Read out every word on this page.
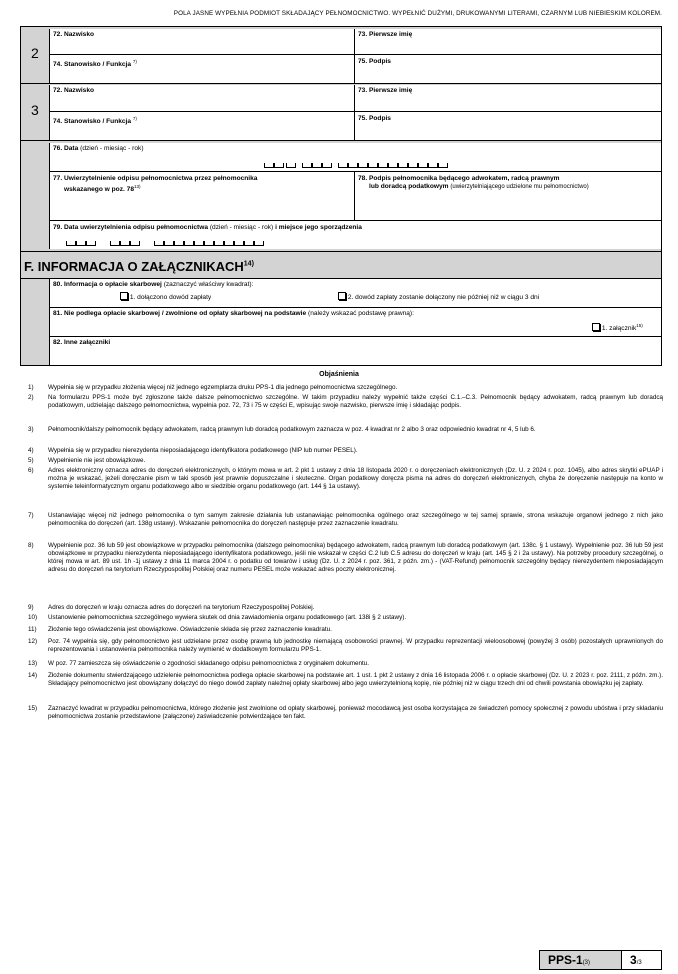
POLA JASNE WYPEŁNIA PODMIOT SKŁADAJĄCY PEŁNOMOCNICTWO. WYPEŁNIĆ DUŻYMI, DRUKOWANYMI LITERAMI, CZARNYM LUB NIEBIESKIM KOLOREM.
2
72. Nazwisko	73. Pierwsze imię
74. Stanowisko / Funkcja $^{7)}$	75. Podpis
3
72. Nazwisko	73. Pierwsze imię
74. Stanowisko / Funkcja $^{7)}$	75. Podpis
76. Data (dzień - miesiąc - rok)
77. Uwierzytelnienie odpisu pełnomocnictwa przez pełnomocnika
wskazanego w poz. 78$^{13)}$
78. Podpis pełnomocnika będącego adwokatem, radcą prawnym
lub doradcą podatkowym (uwierzytelniającego udzielone mu pełnomocnictwo)
79. Data uwierzytelnienia odpisu pełnomocnictwa (dzień - miesiąc - rok) i miejsce jego sporządzenia
F. INFORMACJA O ZAŁĄCZNIKACH$^{14)}$
80. Informacja o opłacie skarbowej (zaznaczyć właściwy kwadrat):
1. dołączono dowód zapłaty	2. dowód zapłaty zostanie dołączony nie później niż w ciągu 3 dni
81. Nie podlega opłacie skarbowej / zwolnione od opłaty skarbowej na podstawie (należy wskazać podstawę prawną):
1. załącznik$^{15)}$
82. Inne załączniki
Objaśnienia
1) Wypełnia się w przypadku złożenia więcej niż jednego egzemplarza druku PPS-1 dla jednego pełnomocnictwa szczególnego.
2) Na formularzu PPS-1 może być zgłoszone także dalsze pełnomocnictwo szczególne. W takim przypadku należy wypełnić także części C.1.–C.3. Pełnomocnik będący adwokatem, radcą prawnym lub doradcą podatkowym, udzielając dalszego pełnomocnictwa, wypełnia poz. 72, 73 i 75 w części E, wpisując swoje nazwisko, pierwsze imię i składając podpis.
3) Pełnomocnik/dalszy pełnomocnik będący adwokatem, radcą prawnym lub doradcą podatkowym zaznacza w poz. 4 kwadrat nr 2 albo 3 oraz odpowiednio kwadrat nr 4, 5 lub 6.
4) Wypełnia się w przypadku nierezydenta nieposiadającego identyfikatora podatkowego (NIP lub numer PESEL).
5) Wypełnienie nie jest obowiązkowe.
6) Adres elektroniczny oznacza adres do doręczeń elektronicznych, o którym mowa w art. 2 pkt 1 ustawy z dnia 18 listopada 2020 r. o doręczeniach elektronicznych (Dz. U. z 2024 r. poz. 1045), albo adres skrytki ePUAP i można je wskazać, jeżeli doręczanie pism w taki sposób jest prawnie dopuszczalne i skuteczne. Organ podatkowy doręcza pisma na adres do doręczeń elektronicznych, chyba że doręczenie następuje na konto w systemie teleinformatycznym organu podatkowego albo w siedzibie organu podatkowego (art. 144 § 1a ustawy).
7) Ustanawiając więcej niż jednego pełnomocnika o tym samym zakresie działania lub ustanawiając pełnomocnika ogólnego oraz szczególnego w tej samej sprawie, strona wskazuje organowi jednego z nich jako pełnomocnika do doręczeń (art. 138g ustawy). Wskazanie pełnomocnika do doręczeń następuje przez zaznaczenie kwadratu.
8) Wypełnienie poz. 36 lub 59 jest obowiązkowe w przypadku pełnomocnika (dalszego pełnomocnika) będącego adwokatem, radcą prawnym lub doradcą podatkowym (art. 138c. § 1 ustawy). Wypełnienie poz. 36 lub 59 jest obowiązkowe w przypadku nierezydenta nieposiadającego identyfikatora podatkowego, jeśli nie wskazał w części C.2 lub C.5 adresu do doręczeń w kraju (art. 145 § 2 i 2a ustawy). Na potrzeby procedury szczególnej, o której mowa w art. 89 ust. 1h -1j ustawy z dnia 11 marca 2004 r. o podatku od towarów i usług (Dz. U. z 2024 r. poz. 361, z późn. zm.) - (VAT-Refund) pełnomocnik szczególny będący nierezydentem nieposiadającym adresu do doręczeń na terytorium Rzeczypospolitej Polskiej oraz numeru PESEL może wskazać adres poczty elektronicznej.
9) Adres do doręczeń w kraju oznacza adres do doręczeń na terytorium Rzeczypospolitej Polskiej.
10) Ustanowienie pełnomocnictwa szczególnego wywiera skutek od dnia zawiadomienia organu podatkowego (art. 138i § 2 ustawy).
11) Złożenie tego oświadczenia jest obowiązkowe. Oświadczenie składa się przez zaznaczenie kwadratu.
12) Poz. 74 wypełnia się, gdy pełnomocnictwo jest udzielane przez osobę prawną lub jednostkę niemającą osobowości prawnej. W przypadku reprezentacji wieloosobowej (powyżej 3 osób) pozostałych uprawnionych do reprezentowania i ustanowienia pełnomocnika należy wymienić w dodatkowym formularzu PPS-1.
13) W poz. 77 zamieszcza się oświadczenie o zgodności składanego odpisu pełnomocnictwa z oryginałem dokumentu.
14) Złożenie dokumentu stwierdzającego udzielenie pełnomocnictwa podlega opłacie skarbowej na podstawie art. 1 ust. 1 pkt 2 ustawy z dnia 16 listopada 2006 r. o opłacie skarbowej (Dz. U. z 2023 r. poz. 2111, z późn. zm.). Składający pełnomocnictwo jest obowiązany dołączyć do niego dowód zapłaty należnej opłaty skarbowej albo jego uwierzytelnioną kopię, nie później niż w ciągu trzech dni od chwili powstania obowiązku jej zapłaty.
15) Zaznaczyć kwadrat w przypadku pełnomocnictwa, którego złożenie jest zwolnione od opłaty skarbowej, ponieważ mocodawcą jest osoba korzystająca ze świadczeń pomocy społecznej z powodu ubóstwa i przy składaniu pełnomocnictwa zostanie przedstawione (załączone) zaświadczenie potwierdzające ten fakt.
PPS-1(3)	3/3
